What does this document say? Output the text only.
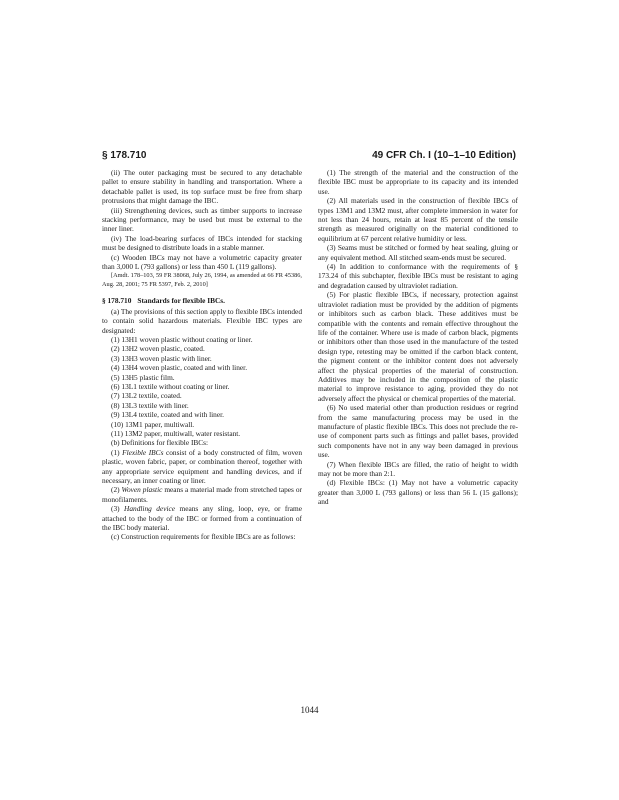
§ 178.710	49 CFR Ch. I (10–1–10 Edition)

(ii) The outer packaging must be secured to any detachable pallet to ensure stability in handling and transportation. Where a detachable pallet is used, its top surface must be free from sharp protrusions that might damage the IBC.

(iii) Strengthening devices, such as timber supports to increase stacking performance, may be used but must be external to the inner liner.

(iv) The load-bearing surfaces of IBCs intended for stacking must be designed to distribute loads in a stable manner.

(c) Wooden IBCs may not have a volumetric capacity greater than 3,000 L (793 gallons) or less than 450 L (119 gallons).

[Amdt. 178–103, 59 FR 38068, July 26, 1994, as amended at 66 FR 45386, Aug. 28, 2001; 75 FR 5397, Feb. 2, 2010]

§ 178.710 Standards for flexible IBCs.

(a) The provisions of this section apply to flexible IBCs intended to contain solid hazardous materials. Flexible IBC types are designated:

(1) 13H1 woven plastic without coating or liner.

(2) 13H2 woven plastic, coated.

(3) 13H3 woven plastic with liner.

(4) 13H4 woven plastic, coated and with liner.

(5) 13H5 plastic film.

(6) 13L1 textile without coating or liner.

(7) 13L2 textile, coated.

(8) 13L3 textile with liner.

(9) 13L4 textile, coated and with liner.

(10) 13M1 paper, multiwall.

(11) 13M2 paper, multiwall, water resistant.

(b) Definitions for flexible IBCs:

(1) Flexible IBCs consist of a body constructed of film, woven plastic, woven fabric, paper, or combination thereof, together with any appropriate service equipment and handling devices, and if necessary, an inner coating or liner.

(2) Woven plastic means a material made from stretched tapes or monofilaments.

(3) Handling device means any sling, loop, eye, or frame attached to the body of the IBC or formed from a continuation of the IBC body material.

(c) Construction requirements for flexible IBCs are as follows:

(1) The strength of the material and the construction of the flexible IBC must be appropriate to its capacity and its intended use.

(2) All materials used in the construction of flexible IBCs of types 13M1 and 13M2 must, after complete immersion in water for not less than 24 hours, retain at least 85 percent of the tensile strength as measured originally on the material conditioned to equilibrium at 67 percent relative humidity or less.

(3) Seams must be stitched or formed by heat sealing, gluing or any equivalent method. All stitched seam-ends must be secured.

(4) In addition to conformance with the requirements of § 173.24 of this subchapter, flexible IBCs must be resistant to aging and degradation caused by ultraviolet radiation.

(5) For plastic flexible IBCs, if necessary, protection against ultraviolet radiation must be provided by the addition of pigments or inhibitors such as carbon black. These additives must be compatible with the contents and remain effective throughout the life of the container. Where use is made of carbon black, pigments or inhibitors other than those used in the manufacture of the tested design type, retesting may be omitted if the carbon black content, the pigment content or the inhibitor content does not adversely affect the physical properties of the material of construction. Additives may be included in the composition of the plastic material to improve resistance to aging, provided they do not adversely affect the physical or chemical properties of the material.

(6) No used material other than production residues or regrind from the same manufacturing process may be used in the manufacture of plastic flexible IBCs. This does not preclude the re-use of component parts such as fittings and pallet bases, provided such components have not in any way been damaged in previous use.

(7) When flexible IBCs are filled, the ratio of height to width may not be more than 2:1.

(d) Flexible IBCs: (1) May not have a volumetric capacity greater than 3,000 L (793 gallons) or less than 56 L (15 gallons); and

1044
